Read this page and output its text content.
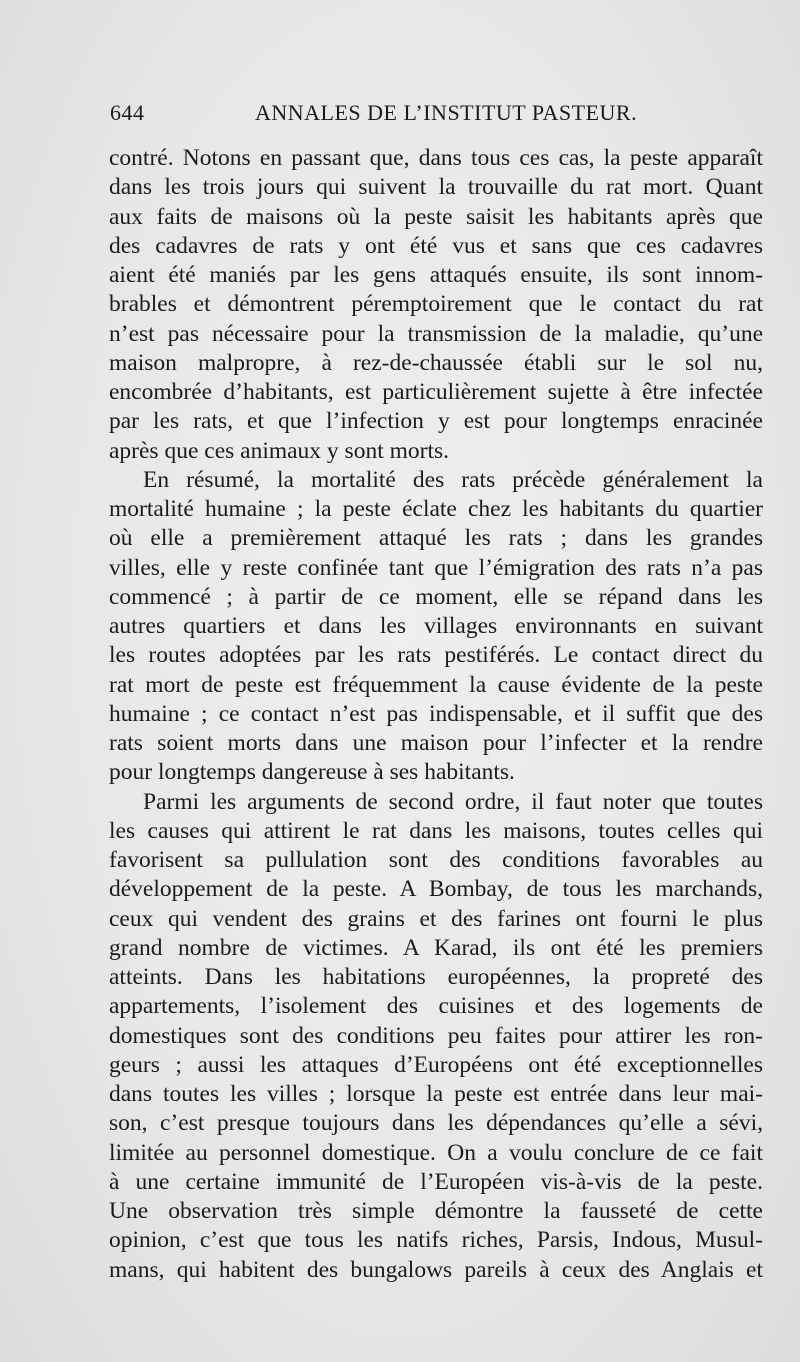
644	ANNALES DE L’INSTITUT PASTEUR.
contré. Notons en passant que, dans tous ces cas, la peste apparaît
dans les trois jours qui suivent la trouvaille du rat mort. Quant
aux faits de maisons où la peste saisit les habitants après que
des cadavres de rats y ont été vus et sans que ces cadavres
aient été maniés par les gens attaqués ensuite, ils sont innom-
brables et démontrent péremptoirement que le contact du rat
n’est pas nécessaire pour la transmission de la maladie, qu’une
maison malpropre, à rez-de-chaussée établi sur le sol nu,
encombrée d’habitants, est particulièrement sujette à être infectée
par les rats, et que l’infection y est pour longtemps enracinée
après que ces animaux y sont morts.
En résumé, la mortalité des rats précède généralement la
mortalité humaine ; la peste éclate chez les habitants du quartier
où elle a premièrement attaqué les rats ; dans les grandes
villes, elle y reste confinée tant que l’émigration des rats n’a pas
commencé ; à partir de ce moment, elle se répand dans les
autres quartiers et dans les villages environnants en suivant
les routes adoptées par les rats pestiférés. Le contact direct du
rat mort de peste est fréquemment la cause évidente de la peste
humaine ; ce contact n’est pas indispensable, et il suffit que des
rats soient morts dans une maison pour l’infecter et la rendre
pour longtemps dangereuse à ses habitants.
Parmi les arguments de second ordre, il faut noter que toutes
les causes qui attirent le rat dans les maisons, toutes celles qui
favorisent sa pullulation sont des conditions favorables au
développement de la peste. A Bombay, de tous les marchands,
ceux qui vendent des grains et des farines ont fourni le plus
grand nombre de victimes. A Karad, ils ont été les premiers
atteints. Dans les habitations européennes, la propreté des
appartements, l’isolement des cuisines et des logements de
domestiques sont des conditions peu faites pour attirer les ron-
geurs ; aussi les attaques d’Européens ont été exceptionnelles
dans toutes les villes ; lorsque la peste est entrée dans leur mai-
son, c’est presque toujours dans les dépendances qu’elle a sévi,
limitée au personnel domestique. On a voulu conclure de ce fait
à une certaine immunité de l’Européen vis-à-vis de la peste.
Une observation très simple démontre la fausseté de cette
opinion, c’est que tous les natifs riches, Parsis, Indous, Musul-
mans, qui habitent des bungalows pareils à ceux des Anglais et
